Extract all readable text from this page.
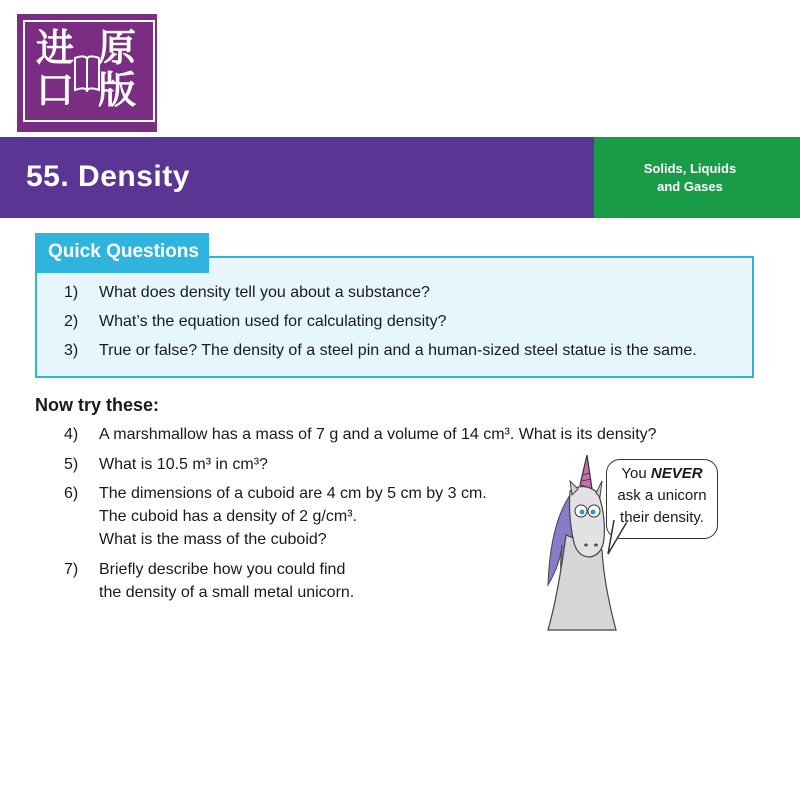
进 原
口 版
55. Density	Solids, Liquids
and Gases
Quick Questions
1) What does density tell you about a substance?
2) What’s the equation used for calculating density?
3) True or false? The density of a steel pin and a human-sized steel statue is the same.
Now try these:
4) A marshmallow has a mass of 7 g and a volume of 14 cm³. What is its density?
5) What is 10.5 m³ in cm³?
6) The dimensions of a cuboid are 4 cm by 5 cm by 3 cm.
The cuboid has a density of 2 g/cm³.
What is the mass of the cuboid?
7) Briefly describe how you could find
the density of a small metal unicorn.
You NEVER
ask a unicorn
their density.
